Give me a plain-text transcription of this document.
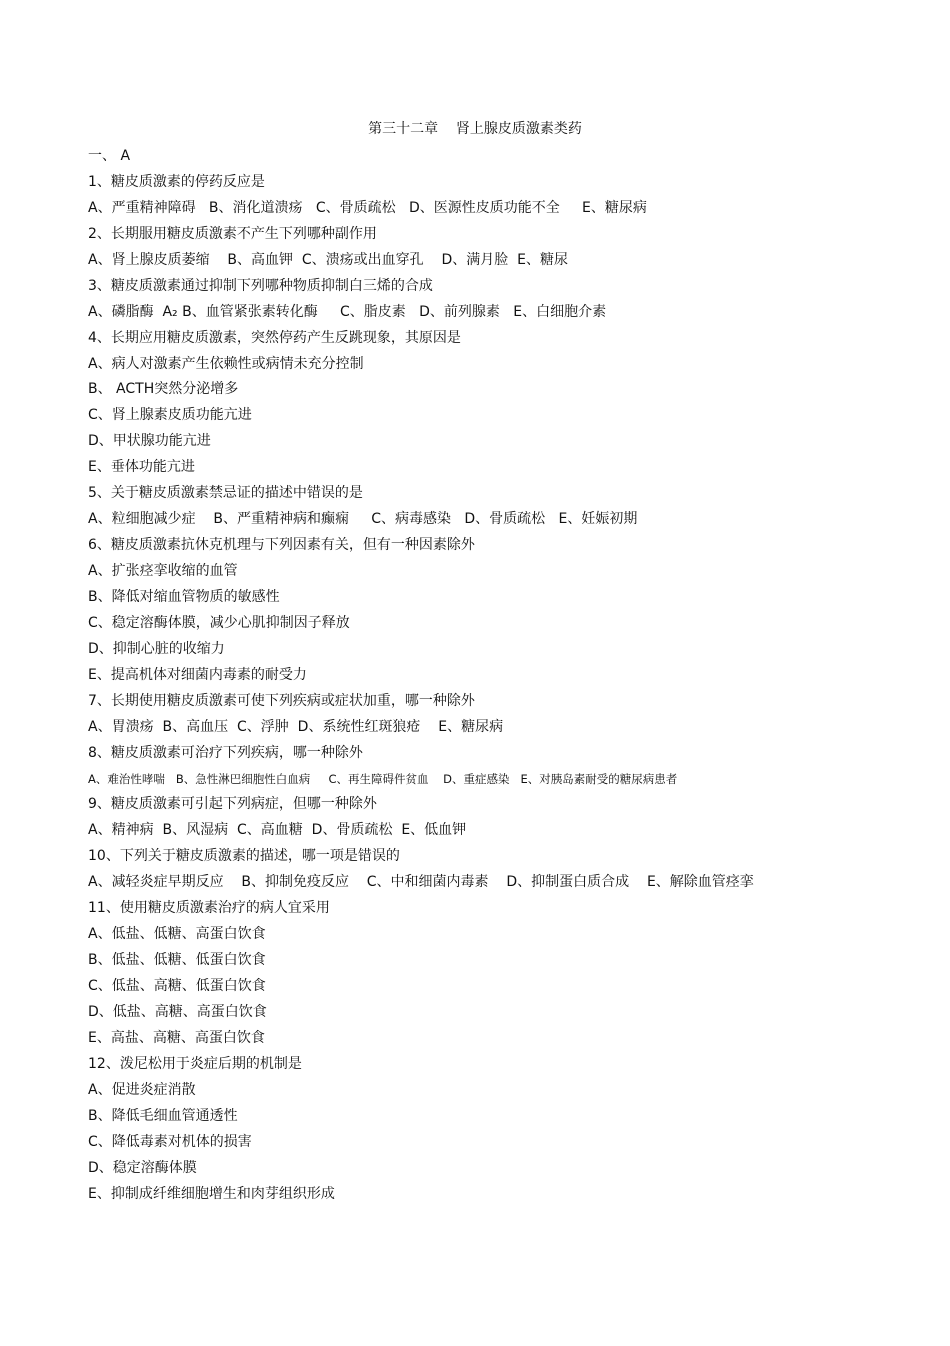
第三十二章    肾上腺皮质激素类药
一、 A
1、糖皮质激素的停药反应是
A、严重精神障碍   B、消化道溃疡   C、骨质疏松   D、医源性皮质功能不全     E、糖尿病
2、长期服用糖皮质激素不产生下列哪种副作用
A、肾上腺皮质萎缩    B、高血钾  C、溃疡或出血穿孔    D、满月脸  E、糖尿
3、糖皮质激素通过抑制下列哪种物质抑制白三烯的合成
A、磷脂酶  A₂ B、血管紧张素转化酶     C、脂皮素   D、前列腺素   E、白细胞介素
4、长期应用糖皮质激素，突然停药产生反跳现象，其原因是
A、病人对激素产生依赖性或病情未充分控制
B、 ACTH突然分泌增多
C、肾上腺素皮质功能亢进
D、甲状腺功能亢进
E、垂体功能亢进
5、关于糖皮质激素禁忌证的描述中错误的是
A、粒细胞减少症    B、严重精神病和癫痫     C、病毒感染   D、骨质疏松   E、妊娠初期
6、糖皮质激素抗休克机理与下列因素有关，但有一种因素除外
A、扩张痉挛收缩的血管
B、降低对缩血管物质的敏感性
C、稳定溶酶体膜，减少心肌抑制因子释放
D、抑制心脏的收缩力
E、提高机体对细菌内毒素的耐受力
7、长期使用糖皮质激素可使下列疾病或症状加重，哪一种除外
A、胃溃疡  B、高血压  C、浮肿  D、系统性红斑狼疮    E、糖尿病
8、糖皮质激素可治疗下列疾病，哪一种除外
A、难治性哮喘   B、急性淋巴细胞性白血病     C、再生障碍件贫血    D、重症感染   E、对胰岛素耐受的糖尿病患者
9、糖皮质激素可引起下列病症，但哪一种除外
A、精神病  B、风湿病  C、高血糖  D、骨质疏松  E、低血钾
10、下列关于糖皮质激素的描述，哪一项是错误的
A、减轻炎症早期反应    B、抑制免疫反应    C、中和细菌内毒素    D、抑制蛋白质合成    E、解除血管痉挛
11、使用糖皮质激素治疗的病人宜采用
A、低盐、低糖、高蛋白饮食
B、低盐、低糖、低蛋白饮食
C、低盐、高糖、低蛋白饮食
D、低盐、高糖、高蛋白饮食
E、高盐、高糖、高蛋白饮食
12、泼尼松用于炎症后期的机制是
A、促进炎症消散
B、降低毛细血管通透性
C、降低毒素对机体的损害
D、稳定溶酶体膜
E、抑制成纤维细胞增生和肉芽组织形成
